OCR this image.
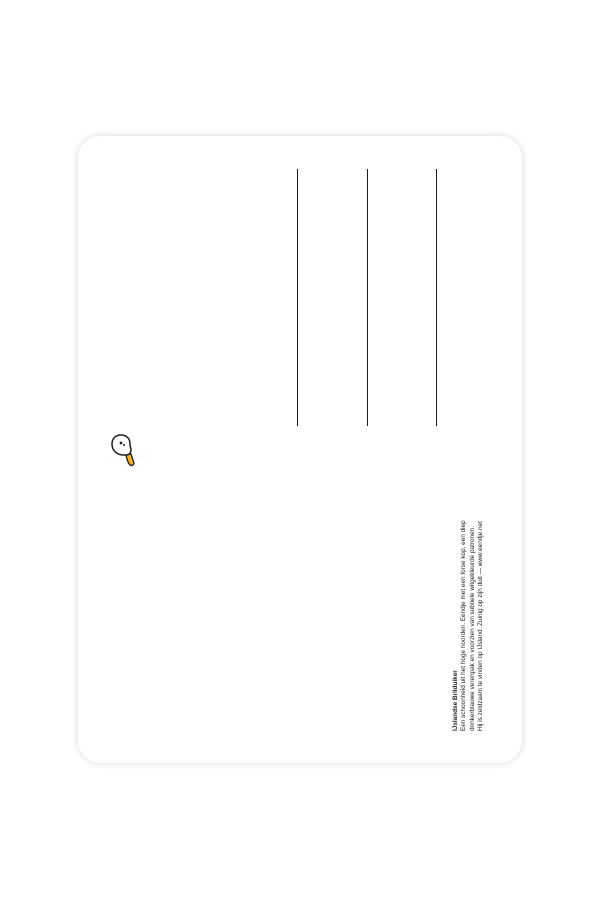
IJslandse Brilduiker Een schoonheid uit het hoge noorden. Eendje met een forse kop, een diep donkerblauwe verenpak en voorzien van subtiele witgekleurde patronen. Hij is zeldzaam te vinden op IJsland. Zuinig op zijn duit — www.eendje.net
